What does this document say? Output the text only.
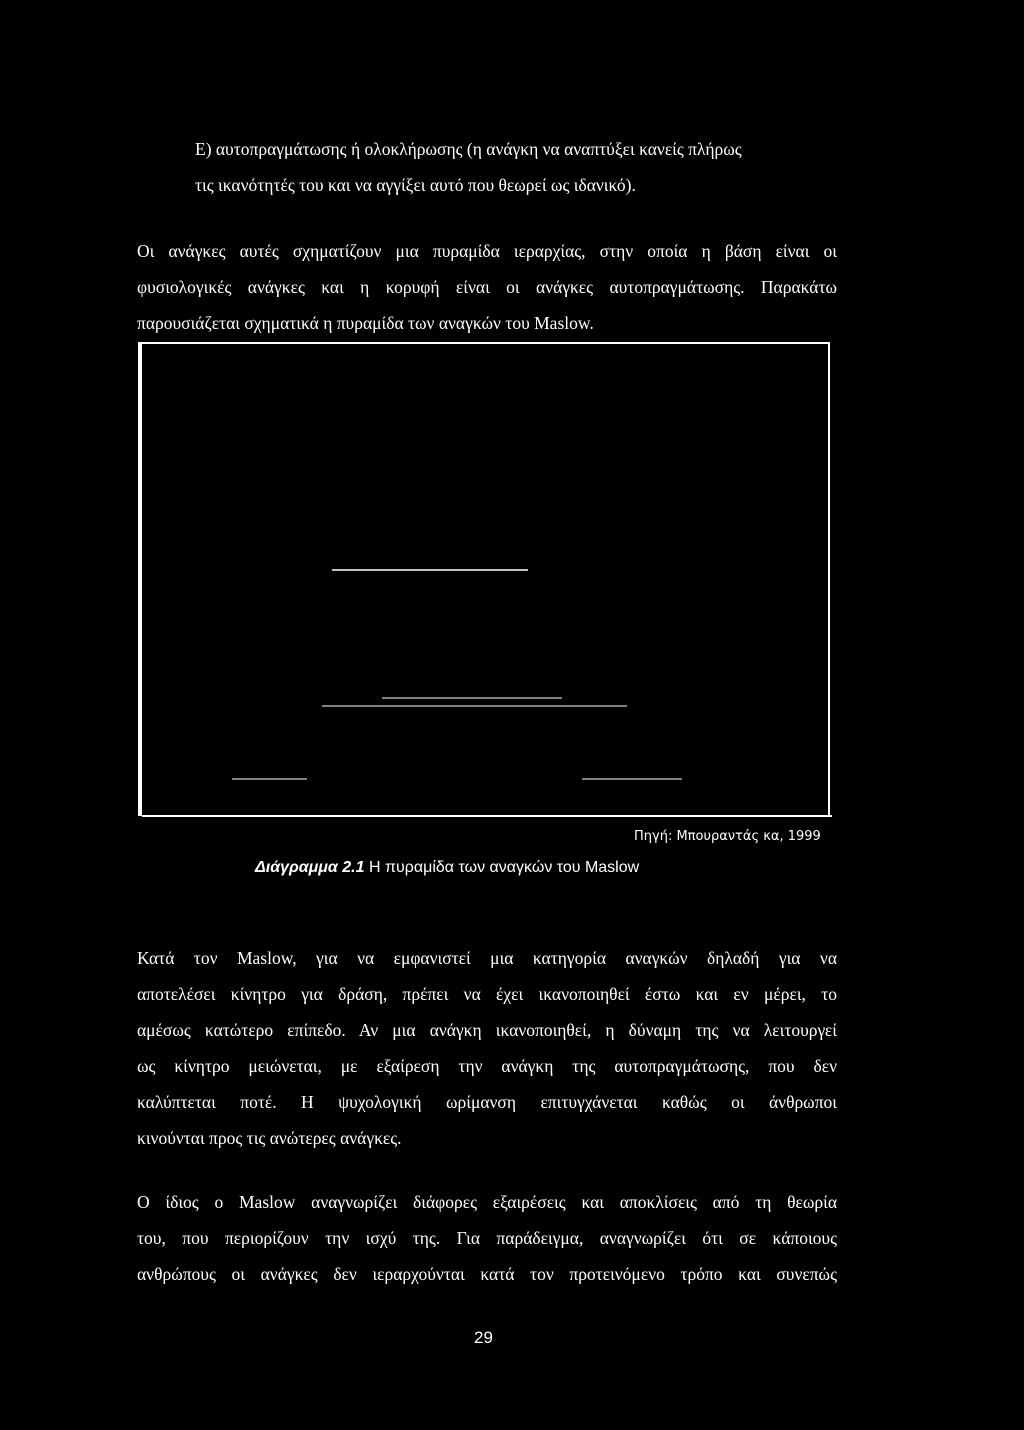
Ε) αυτοπραγμάτωσης ή ολοκλήρωσης (η ανάγκη να αναπτύξει κανείς πλήρως
τις ικανότητές του και να αγγίξει αυτό που θεωρεί ως ιδανικό).
Οι ανάγκες αυτές σχηματίζουν μια πυραμίδα ιεραρχίας, στην οποία η βάση είναι οι
φυσιολογικές ανάγκες και η κορυφή είναι οι ανάγκες αυτοπραγμάτωσης. Παρακάτω
παρουσιάζεται σχηματικά η πυραμίδα των αναγκών του Maslow.
Πηγή: Μπουραντάς κα, 1999
Διάγραμμα 2.1 Η πυραμίδα των αναγκών του Maslow
Κατά τον Maslow, για να εμφανιστεί μια κατηγορία αναγκών δηλαδή για να
αποτελέσει κίνητρο για δράση, πρέπει να έχει ικανοποιηθεί έστω και εν μέρει, το
αμέσως κατώτερο επίπεδο. Αν μια ανάγκη ικανοποιηθεί, η δύναμη της να λειτουργεί
ως κίνητρο μειώνεται, με εξαίρεση την ανάγκη της αυτοπραγμάτωσης, που δεν
καλύπτεται ποτέ. Η ψυχολογική ωρίμανση επιτυγχάνεται καθώς οι άνθρωποι
κινούνται προς τις ανώτερες ανάγκες.
Ο ίδιος ο Maslow αναγνωρίζει διάφορες εξαιρέσεις και αποκλίσεις από τη θεωρία
του, που περιορίζουν την ισχύ της. Για παράδειγμα, αναγνωρίζει ότι σε κάποιους
ανθρώπους οι ανάγκες δεν ιεραρχούνται κατά τον προτεινόμενο τρόπο και συνεπώς
29
